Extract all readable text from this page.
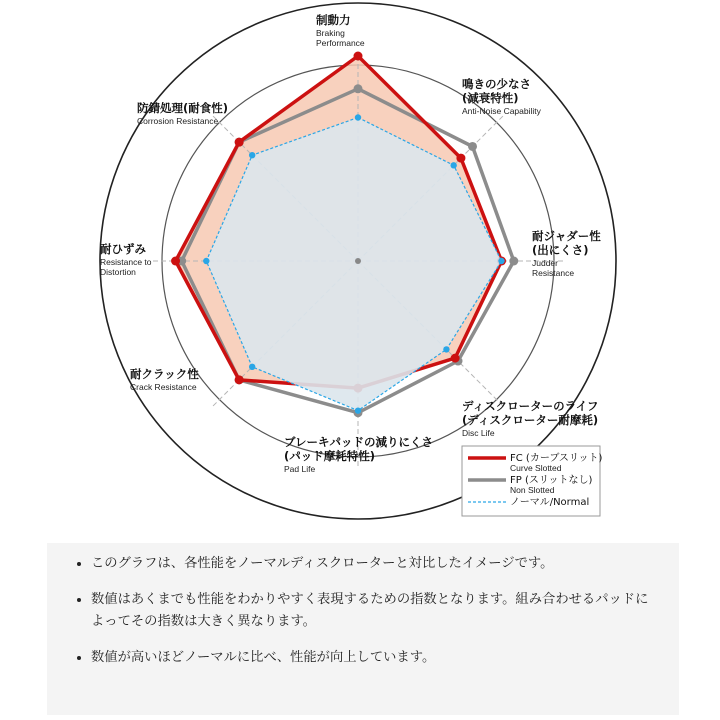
制動力
Braking
Performance
鳴きの少なさ
(減衰特性)
Anti-Noise Capability
耐ジャダー性
(出にくさ)
Judder
Resistance
ディスクローターのライフ
(ディスクローター耐摩耗)
Disc Life
ブレーキパッドの減りにくさ
(パッド摩耗特性)
Pad Life
耐クラック性
Crack Resistance
耐ひずみ
Resistance to
Distortion
防錆処理(耐食性)
Corrosion Resistance
FC (カーブスリット)
Curve Slotted
FP (スリットなし)
Non Slotted
ノーマル/Normal
• このグラフは、各性能をノーマルディスクローターと対比したイメージです。
• 数値はあくまでも性能をわかりやすく表現するための指数となります。組み合わせるパッドによってその指数は大きく異なります。
• 数値が高いほどノーマルに比べ、性能が向上しています。
